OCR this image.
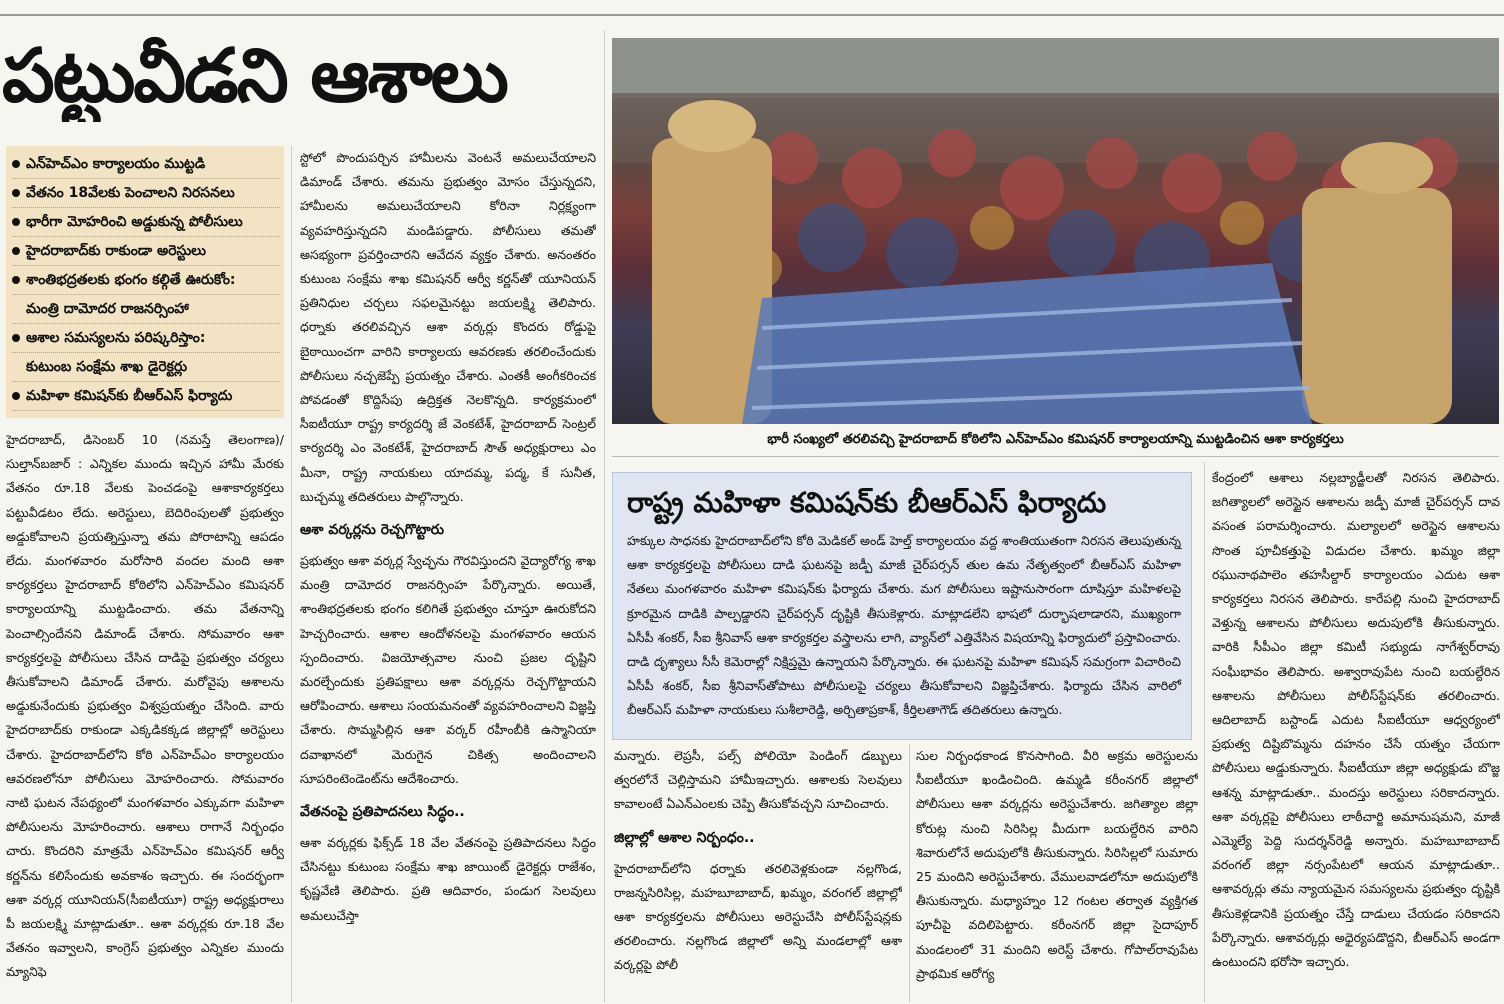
పట్టువీడని ఆశాలు
ఎన్‌హెచ్‌ఎం కార్యాలయం ముట్టడి
వేతనం 18వేలకు పెంచాలని నిరసనలు
భారీగా మోహరించి అడ్డుకున్న పోలీసులు
హైదరాబాద్‌కు రాకుండా అరెస్టులు
శాంతిభద్రతలకు భంగం కల్గితే ఊరుకోం:
మంత్రి దామోదర రాజనర్సింహా
ఆశాల సమస్యలను పరిష్కరిస్తాం:
కుటుంబ సంక్షేమ శాఖ డైరెక్టర్లు
మహిళా కమిషన్‌కు బీఆర్‌ఎస్ ఫిర్యాదు

హైదరాబాద్, డిసెంబర్ 10 (నమస్తే తెలంగాణ)/సుల్తాన్‌బజార్ : ఎన్నికల ముందు ఇచ్చిన హామీ మేరకు వేతనం రూ.18 వేలకు పెంచడంపై ఆశాకార్యకర్తలు పట్టువీడటం లేదు. అరెస్టులు, బెదిరింపులతో ప్రభుత్వం అడ్డుకోవాలని ప్రయత్నిస్తున్నా తమ పోరాటాన్ని ఆపడం లేదు. మంగళవారం మరోసారి వందల మంది ఆశా కార్యకర్తలు హైదరాబాద్ కోఠిలోని ఎన్‌హెచ్‌ఎం కమిషనర్ కార్యాలయాన్ని ముట్టడించారు. తమ వేతనాన్ని పెంచాల్సిందేనని డిమాండ్ చేశారు. సోమవారం ఆశా కార్యకర్తలపై పోలీసులు చేసిన దాడిపై ప్రభుత్వం చర్యలు తీసుకోవాలని డిమాండ్ చేశారు. మరోవైపు ఆశాలను అడ్డుకునేందుకు ప్రభుత్వం విశ్వప్రయత్నం చేసింది. వారు హైదరాబాద్‌కు రాకుండా ఎక్కడికక్కడ జిల్లాల్లో అరెస్టులు చేశారు. హైదరాబాద్‌లోని కోఠి ఎన్‌హెచ్‌ఎం కార్యాలయం ఆవరణలోనూ పోలీసులు మోహరించారు. సోమవారం నాటి ఘటన నేపథ్యంలో మంగళవారం ఎక్కువగా మహిళా పోలీసులను మోహరించారు. ఆశాలు రాగానే నిర్బంధం చారు. కొందరిని మాత్రమే ఎన్‌హెచ్‌ఎం కమిషనర్ ఆర్వీ కర్ణన్‌ను కలిసేందుకు అవకాశం ఇచ్చారు. ఈ సందర్భంగా ఆశా వర్కర్ల యూనియన్(సీఐటీయూ) రాష్ట్ర అధ్యక్షురాలు పీ జయలక్ష్మి మాట్లాడుతూ.. ఆశా వర్కర్లకు రూ.18 వేల వేతనం ఇవ్వాలని, కాంగ్రెస్ ప్రభుత్వం ఎన్నికల ముందు మ్యానిఫె

స్టోలో పొందుపర్చిన హామీలను వెంటనే అమలుచేయాలని డిమాండ్ చేశారు. తమను ప్రభుత్వం మోసం చేస్తున్నదని, హామీలను అమలుచేయాలని కోరినా నిర్లక్ష్యంగా వ్యవహరిస్తున్నదని మండిపడ్డారు. పోలీసులు తమతో అసభ్యంగా ప్రవర్తించారని ఆవేదన వ్యక్తం చేశారు. అనంతరం కుటుంబ సంక్షేమ శాఖ కమిషనర్ ఆర్వీ కర్ణన్‌తో యూనియన్ ప్రతినిధుల చర్చలు సఫలమైనట్టు జయలక్ష్మి తెలిపారు. ధర్నాకు తరలివచ్చిన ఆశా వర్కర్లు కొందరు రోడ్డుపై బైఠాయించగా వారిని కార్యాలయ ఆవరణకు తరలించేందుకు పోలీసులు నచ్చజెప్పే ప్రయత్నం చేశారు. ఎంతకీ అంగీకరించక పోవడంతో కొద్దిసేపు ఉద్రిక్తత నెలకొన్నది. కార్యక్రమంలో సీఐటీయూ రాష్ట్ర కార్యదర్శి జే వెంకటేశ్, హైదరాబాద్ సెంట్రల్ కార్యదర్శి ఎం వెంకటేశ్, హైదరాబాద్ సౌత్ అధ్యక్షురాలు ఎం మీనా, రాష్ట్ర నాయకులు యాదమ్మ, పద్మ, కే సునీత, బుచ్చమ్మ తదితరులు పాల్గొన్నారు.

ఆశా వర్కర్లను రెచ్చగొట్టారు

ప్రభుత్వం ఆశా వర్కర్ల స్వేచ్ఛను గౌరవిస్తుందని వైద్యారోగ్య శాఖ మంత్రి దామోదర రాజనర్సింహ పేర్కొన్నారు. అయితే, శాంతిభద్రతలకు భంగం కలిగితే ప్రభుత్వం చూస్తూ ఊరుకోదని హెచ్చరించారు. ఆశాల ఆందోళనలపై మంగళవారం ఆయన స్పందించారు. విజయోత్సవాల నుంచి ప్రజల దృష్టిని మరల్చేందుకు ప్రతిపక్షాలు ఆశా వర్కర్లను రెచ్చగొట్టాయని ఆరోపించారు. ఆశాలు సంయమనంతో వ్యవహరించాలని విజ్ఞప్తి చేశారు. సొమ్మసిల్లిన ఆశా వర్కర్ రహీంబీకి ఉస్మానియా దవాఖానలో మెరుగైన చికిత్స అందించాలని సూపరింటెండెంట్‌ను ఆదేశించారు.

వేతనంపై ప్రతిపాదనలు సిద్ధం..

ఆశా వర్కర్లకు ఫిక్స్‌డ్ 18 వేల వేతనంపై ప్రతిపాదనలు సిద్ధం చేసినట్టు కుటుంబ సంక్షేమ శాఖ జాయింట్ డైరెక్టర్లు రాజేశం, కృష్ణవేణి తెలిపారు. ప్రతి ఆదివారం, పండుగ సెలవులు అమలుచేస్తా

భారీ సంఖ్యలో తరలివచ్చి హైదరాబాద్ కోఠిలోని ఎన్‌హెచ్‌ఎం కమిషనర్ కార్యాలయాన్ని ముట్టడించిన ఆశా కార్యకర్తలు
రాష్ట్ర మహిళా కమిషన్‌కు బీఆర్‌ఎస్ ఫిర్యాదు
హక్కుల సాధనకు హైదరాబాద్‌లోని కోఠి మెడికల్ అండ్ హెల్త్ కార్యాలయం వద్ద శాంతియుతంగా నిరసన తెలుపుతున్న ఆశా కార్యకర్తలపై పోలీసులు దాడి ఘటనపై జడ్పీ మాజీ చైర్‌పర్సన్ తుల ఉమ నేతృత్వంలో బీఆర్‌ఎస్ మహిళా నేతలు మంగళవారం మహిళా కమిషన్‌కు ఫిర్యాదు చేశారు. మగ పోలీసులు ఇష్టానుసారంగా దూషిస్తూ మహిళలపై క్రూరమైన దాడికి పాల్పడ్డారని చైర్‌పర్సన్ దృష్టికి తీసుకెళ్లారు. మాట్లాడలేని భాషలో దుర్భాషలాడారని, ముఖ్యంగా ఏసీపీ శంకర్, సీఐ శ్రీనివాస్ ఆశా కార్యకర్తల వస్త్రాలను లాగి, వ్యాన్‌లో ఎత్తివేసిన విషయాన్ని ఫిర్యాదులో ప్రస్తావించారు. దాడి దృశ్యాలు సీసీ కెమెరాల్లో నిక్షిప్తమై ఉన్నాయని పేర్కొన్నారు. ఈ ఘటనపై మహిళా కమిషన్ సమగ్రంగా విచారించి ఏసీపీ శంకర్, సీఐ శ్రీనివాస్‌తోపాటు పోలీసులపై చర్యలు తీసుకోవాలని విజ్ఞప్తిచేశారు. ఫిర్యాదు చేసిన వారిలో బీఆర్‌ఎస్ మహిళా నాయకులు సుశీలారెడ్డి, అర్చితాప్రకాశ్, కీర్తిలతాగౌడ్ తదితరులు ఉన్నారు.

మన్నారు. లెప్రసీ, పల్స్ పోలియో పెండింగ్ డబ్బులు త్వరలోనే చెల్లిస్తామని హామీఇచ్చారు. ఆశాలకు సెలవులు కావాలంటే ఏఎన్‌ఎంలకు చెప్పి తీసుకోవచ్చని సూచించారు.

జిల్లాల్లో ఆశాల నిర్బంధం..

హైదరాబాద్‌లోని ధర్నాకు తరలివెళ్లకుండా నల్లగొండ, రాజన్నసిరిసిల్ల, మహబూబాబాద్, ఖమ్మం, వరంగల్ జిల్లాల్లో ఆశా కార్యకర్తలను పోలీసులు అరెస్టుచేసి పోలీస్‌స్టేషన్లకు తరలించారు. నల్లగొండ జిల్లాలో అన్ని మండలాల్లో ఆశా వర్కర్లపై పోలీ

సుల నిర్బంధకాండ కొనసాగింది. వీరి అక్రమ అరెస్టులను సీఐటీయూ ఖండించింది. ఉమ్మడి కరీంనగర్ జిల్లాలో పోలీసులు ఆశా వర్కర్లను అరెస్టుచేశారు. జగిత్యాల జిల్లా కోరుట్ల నుంచి సిరిసిల్ల మీదుగా బయల్దేరిన వారిని శివారులోనే అదుపులోకి తీసుకున్నారు. సిరిసిల్లలో సుమారు 25 మందిని అరెస్టుచేశారు. వేములవాడలోనూ అదుపులోకి తీసుకున్నారు. మధ్యాహ్నం 12 గంటల తర్వాత వ్యక్తిగత పూచీపై వదిలిపెట్టారు. కరీంనగర్ జిల్లా సైదాపూర్ మండలంలో 31 మందిని అరెస్ట్ చేశారు. గోపాల్‌రావుపేట ప్రాథమిక ఆరోగ్య

కేంద్రంలో ఆశాలు నల్లబ్యాడ్జీలతో నిరసన తెలిపారు. జగిత్యాలలో అరెస్టైన ఆశాలను జడ్పీ మాజీ చైర్‌పర్సన్ దావ వసంత పరామర్శించారు. మల్యాలలో అరెస్టైన ఆశాలను సొంత పూచీకత్తుపై విడుదల చేశారు. ఖమ్మం జిల్లా రఘునాథపాలెం తహసీల్దార్ కార్యాలయం ఎదుట ఆశా కార్యకర్తలు నిరసన తెలిపారు. కారేపల్లి నుంచి హైదరాబాద్ వెళ్తున్న ఆశాలను పోలీసులు అదుపులోకి తీసుకున్నారు. వారికి సీపీఎం జిల్లా కమిటీ సభ్యుడు నాగేశ్వర్‌రావు సంఘీభావం తెలిపారు. అశ్వారావుపేట నుంచి బయల్దేరిన ఆశాలను పోలీసులు పోలీస్‌స్టేషన్‌కు తరలించారు. ఆదిలాబాద్ బస్టాండ్ ఎదుట సీఐటీయూ ఆధ్వర్యంలో ప్రభుత్వ దిష్టిబొమ్మను దహనం చేసే యత్నం చేయగా పోలీసులు అడ్డుకున్నారు. సీఐటీయూ జిల్లా అధ్యక్షుడు బొజ్జ ఆశన్న మాట్లాడుతూ.. మందస్తు అరెస్టులు సరికాదన్నారు. ఆశా వర్కర్లపై పోలీసులు లాఠీచార్జి అమానుషమని, మాజీ ఎమ్మెల్యే పెద్ది సుదర్శన్‌రెడ్డి అన్నారు. మహబూబాబాద్ వరంగల్ జిల్లా నర్సంపేటలో ఆయన మాట్లాడుతూ.. ఆశావర్కర్లు తమ న్యాయమైన సమస్యలను ప్రభుత్వం దృష్టికి తీసుకెళ్లడానికి ప్రయత్నం చేస్తే దాడులు చేయడం సరికాదని పేర్కొన్నారు. ఆశావర్కర్లు అధైర్యపడొద్దని, బీఆర్‌ఎస్ అండగా ఉంటుందని భరోసా ఇచ్చారు.
